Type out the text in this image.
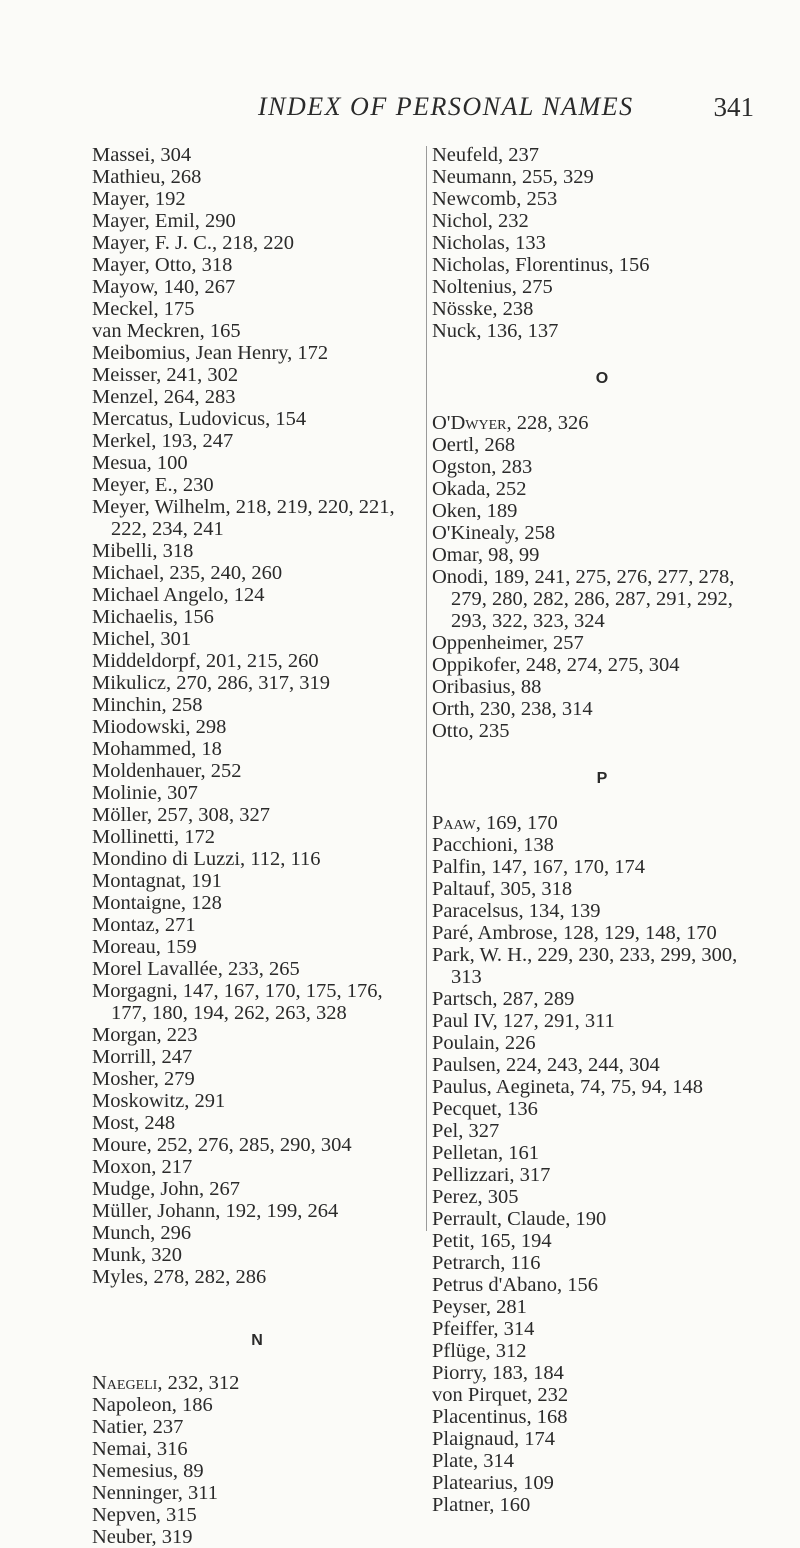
INDEX OF PERSONAL NAMES	341

Massei, 304

Mathieu, 268

Mayer, 192

Mayer, Emil, 290

Mayer, F. J. C., 218, 220

Mayer, Otto, 318

Mayow, 140, 267

Meckel, 175

van Meckren, 165

Meibomius, Jean Henry, 172

Meisser, 241, 302

Menzel, 264, 283

Mercatus, Ludovicus, 154

Merkel, 193, 247

Mesua, 100

Meyer, E., 230

Meyer, Wilhelm, 218, 219, 220, 221, 222, 234, 241

Mibelli, 318

Michael, 235, 240, 260

Michael Angelo, 124

Michaelis, 156

Michel, 301

Middeldorpf, 201, 215, 260

Mikulicz, 270, 286, 317, 319

Minchin, 258

Miodowski, 298

Mohammed, 18

Moldenhauer, 252

Molinie, 307

Möller, 257, 308, 327

Mollinetti, 172

Mondino di Luzzi, 112, 116

Montagnat, 191

Montaigne, 128

Montaz, 271

Moreau, 159

Morel Lavallée, 233, 265

Morgagni, 147, 167, 170, 175, 176, 177, 180, 194, 262, 263, 328

Morgan, 223

Morrill, 247

Mosher, 279

Moskowitz, 291

Most, 248

Moure, 252, 276, 285, 290, 304

Moxon, 217

Mudge, John, 267

Müller, Johann, 192, 199, 264

Munch, 296

Munk, 320

Myles, 278, 282, 286

N

Naegeli, 232, 312

Napoleon, 186

Natier, 237

Nemai, 316

Nemesius, 89

Nenninger, 311

Nepven, 315

Neuber, 319

Neufeld, 237

Neumann, 255, 329

Newcomb, 253

Nichol, 232

Nicholas, 133

Nicholas, Florentinus, 156

Noltenius, 275

Nösske, 238

Nuck, 136, 137

O

O'Dwyer, 228, 326

Oertl, 268

Ogston, 283

Okada, 252

Oken, 189

O'Kinealy, 258

Omar, 98, 99

Onodi, 189, 241, 275, 276, 277, 278, 279, 280, 282, 286, 287, 291, 292, 293, 322, 323, 324

Oppenheimer, 257

Oppikofer, 248, 274, 275, 304

Oribasius, 88

Orth, 230, 238, 314

Otto, 235

P

Paaw, 169, 170

Pacchioni, 138

Palfin, 147, 167, 170, 174

Paltauf, 305, 318

Paracelsus, 134, 139

Paré, Ambrose, 128, 129, 148, 170

Park, W. H., 229, 230, 233, 299, 300, 313

Partsch, 287, 289

Paul IV, 127, 291, 311

Poulain, 226

Paulsen, 224, 243, 244, 304

Paulus, Aegineta, 74, 75, 94, 148

Pecquet, 136

Pel, 327

Pelletan, 161

Pellizzari, 317

Perez, 305

Perrault, Claude, 190

Petit, 165, 194

Petrarch, 116

Petrus d'Abano, 156

Peyser, 281

Pfeiffer, 314

Pflüge, 312

Piorry, 183, 184

von Pirquet, 232

Placentinus, 168

Plaignaud, 174

Plate, 314

Platearius, 109

Platner, 160
